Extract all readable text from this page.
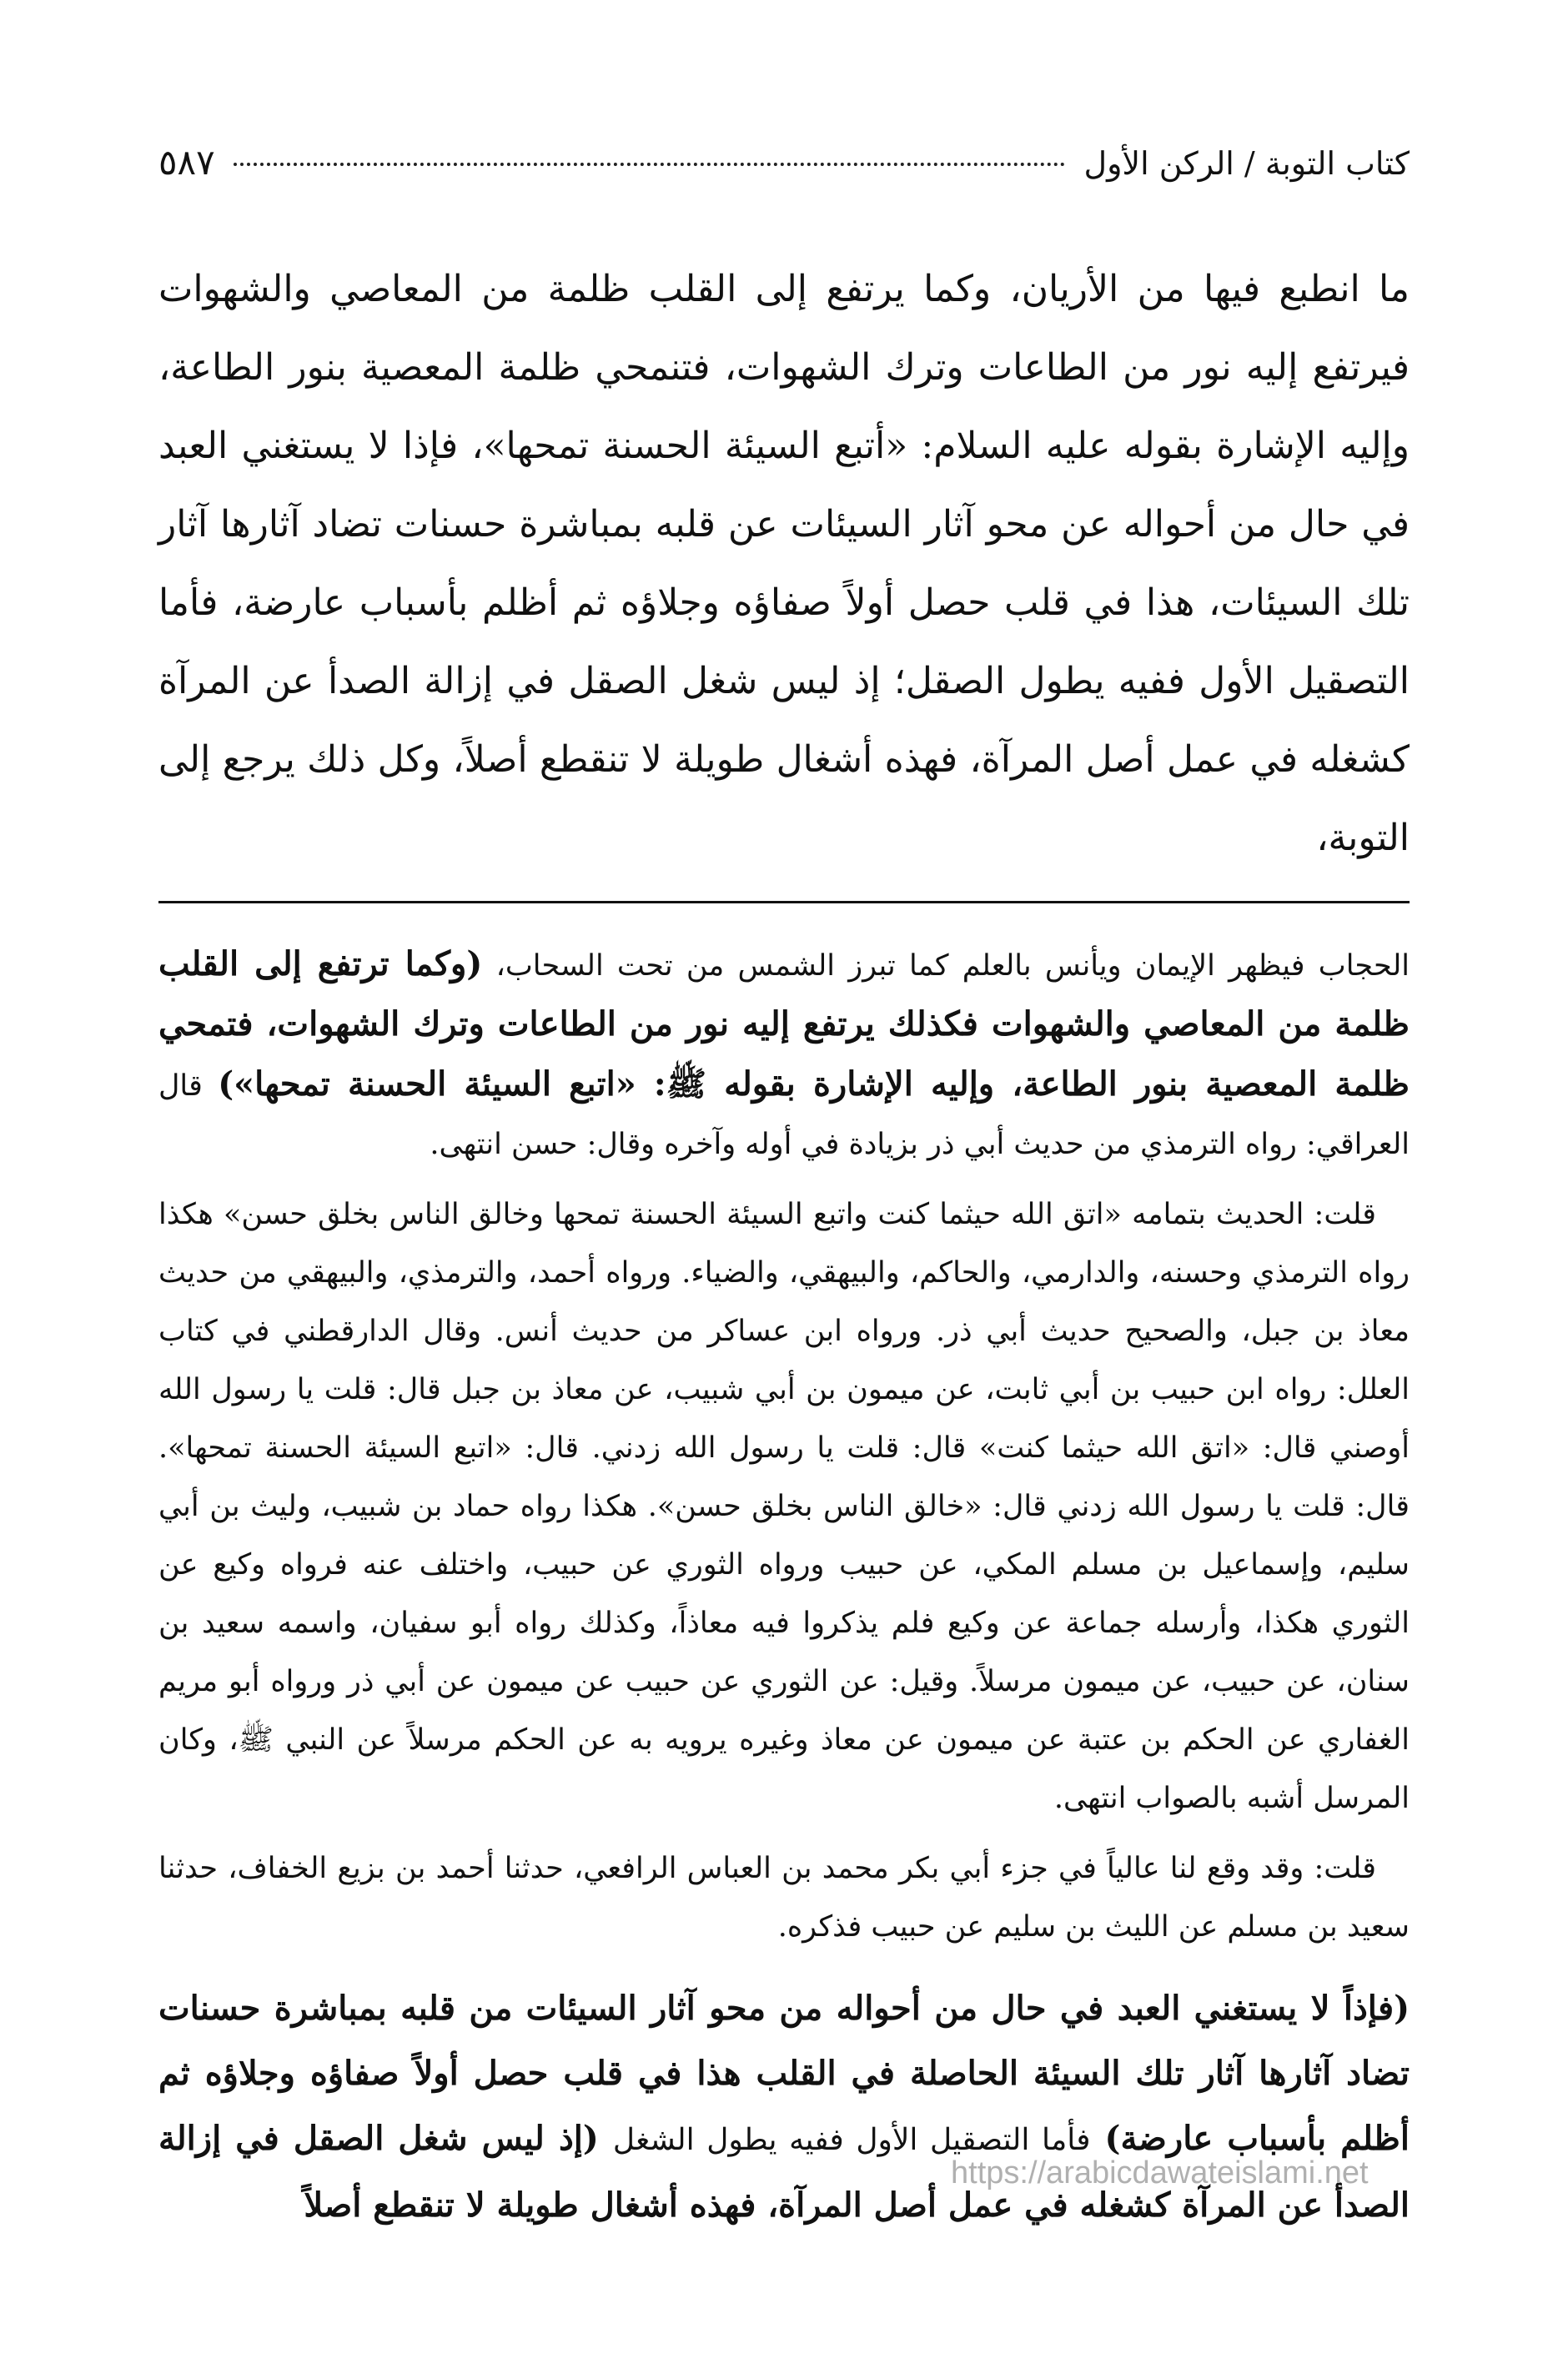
كتاب التوبة / الركن الأول
٥٨٧
ما انطبع فيها من الأريان، وكما يرتفع إلى القلب ظلمة من المعاصي والشهوات فيرتفع إليه نور من الطاعات وترك الشهوات، فتنمحي ظلمة المعصية بنور الطاعة، وإليه الإشارة بقوله عليه السلام: «أتبع السيئة الحسنة تمحها»، فإذا لا يستغني العبد في حال من أحواله عن محو آثار السيئات عن قلبه بمباشرة حسنات تضاد آثارها آثار تلك السيئات، هذا في قلب حصل أولاً صفاؤه وجلاؤه ثم أظلم بأسباب عارضة، فأما التصقيل الأول ففيه يطول الصقل؛ إذ ليس شغل الصقل في إزالة الصدأ عن المرآة كشغله في عمل أصل المرآة، فهذه أشغال طويلة لا تنقطع أصلاً، وكل ذلك يرجع إلى التوبة،

الحجاب فيظهر الإيمان ويأنس بالعلم كما تبرز الشمس من تحت السحاب، (وكما ترتفع إلى القلب ظلمة من المعاصي والشهوات فكذلك يرتفع إليه نور من الطاعات وترك الشهوات، فتمحي ظلمة المعصية بنور الطاعة، وإليه الإشارة بقوله ﷺ: «اتبع السيئة الحسنة تمحها») قال العراقي: رواه الترمذي من حديث أبي ذر بزيادة في أوله وآخره وقال: حسن انتهى.

قلت: الحديث بتمامه «اتق الله حيثما كنت واتبع السيئة الحسنة تمحها وخالق الناس بخلق حسن» هكذا رواه الترمذي وحسنه، والدارمي، والحاكم، والبيهقي، والضياء. ورواه أحمد، والترمذي، والبيهقي من حديث معاذ بن جبل، والصحيح حديث أبي ذر. ورواه ابن عساكر من حديث أنس. وقال الدارقطني في كتاب العلل: رواه ابن حبيب بن أبي ثابت، عن ميمون بن أبي شبيب، عن معاذ بن جبل قال: قلت يا رسول الله أوصني قال: «اتق الله حيثما كنت» قال: قلت يا رسول الله زدني. قال: «اتبع السيئة الحسنة تمحها». قال: قلت يا رسول الله زدني قال: «خالق الناس بخلق حسن». هكذا رواه حماد بن شبيب، وليث بن أبي سليم، وإسماعيل بن مسلم المكي، عن حبيب ورواه الثوري عن حبيب، واختلف عنه فرواه وكيع عن الثوري هكذا، وأرسله جماعة عن وكيع فلم يذكروا فيه معاذاً، وكذلك رواه أبو سفيان، واسمه سعيد بن سنان، عن حبيب، عن ميمون مرسلاً. وقيل: عن الثوري عن حبيب عن ميمون عن أبي ذر ورواه أبو مريم الغفاري عن الحكم بن عتبة عن ميمون عن معاذ وغيره يرويه به عن الحكم مرسلاً عن النبي ﷺ، وكان المرسل أشبه بالصواب انتهى.

قلت: وقد وقع لنا عالياً في جزء أبي بكر محمد بن العباس الرافعي، حدثنا أحمد بن بزيع الخفاف، حدثنا سعيد بن مسلم عن الليث بن سليم عن حبيب فذكره.

(فإذاً لا يستغني العبد في حال من أحواله من محو آثار السيئات من قلبه بمباشرة حسنات تضاد آثارها آثار تلك السيئة الحاصلة في القلب هذا في قلب حصل أولاً صفاؤه وجلاؤه ثم أظلم بأسباب عارضة) فأما التصقيل الأول ففيه يطول الشغل (إذ ليس شغل الصقل في إزالة الصدأ عن المرآة كشغله في عمل أصل المرآة، فهذه أشغال طويلة لا تنقطع أصلاً
https://arabicdawateislami.net
